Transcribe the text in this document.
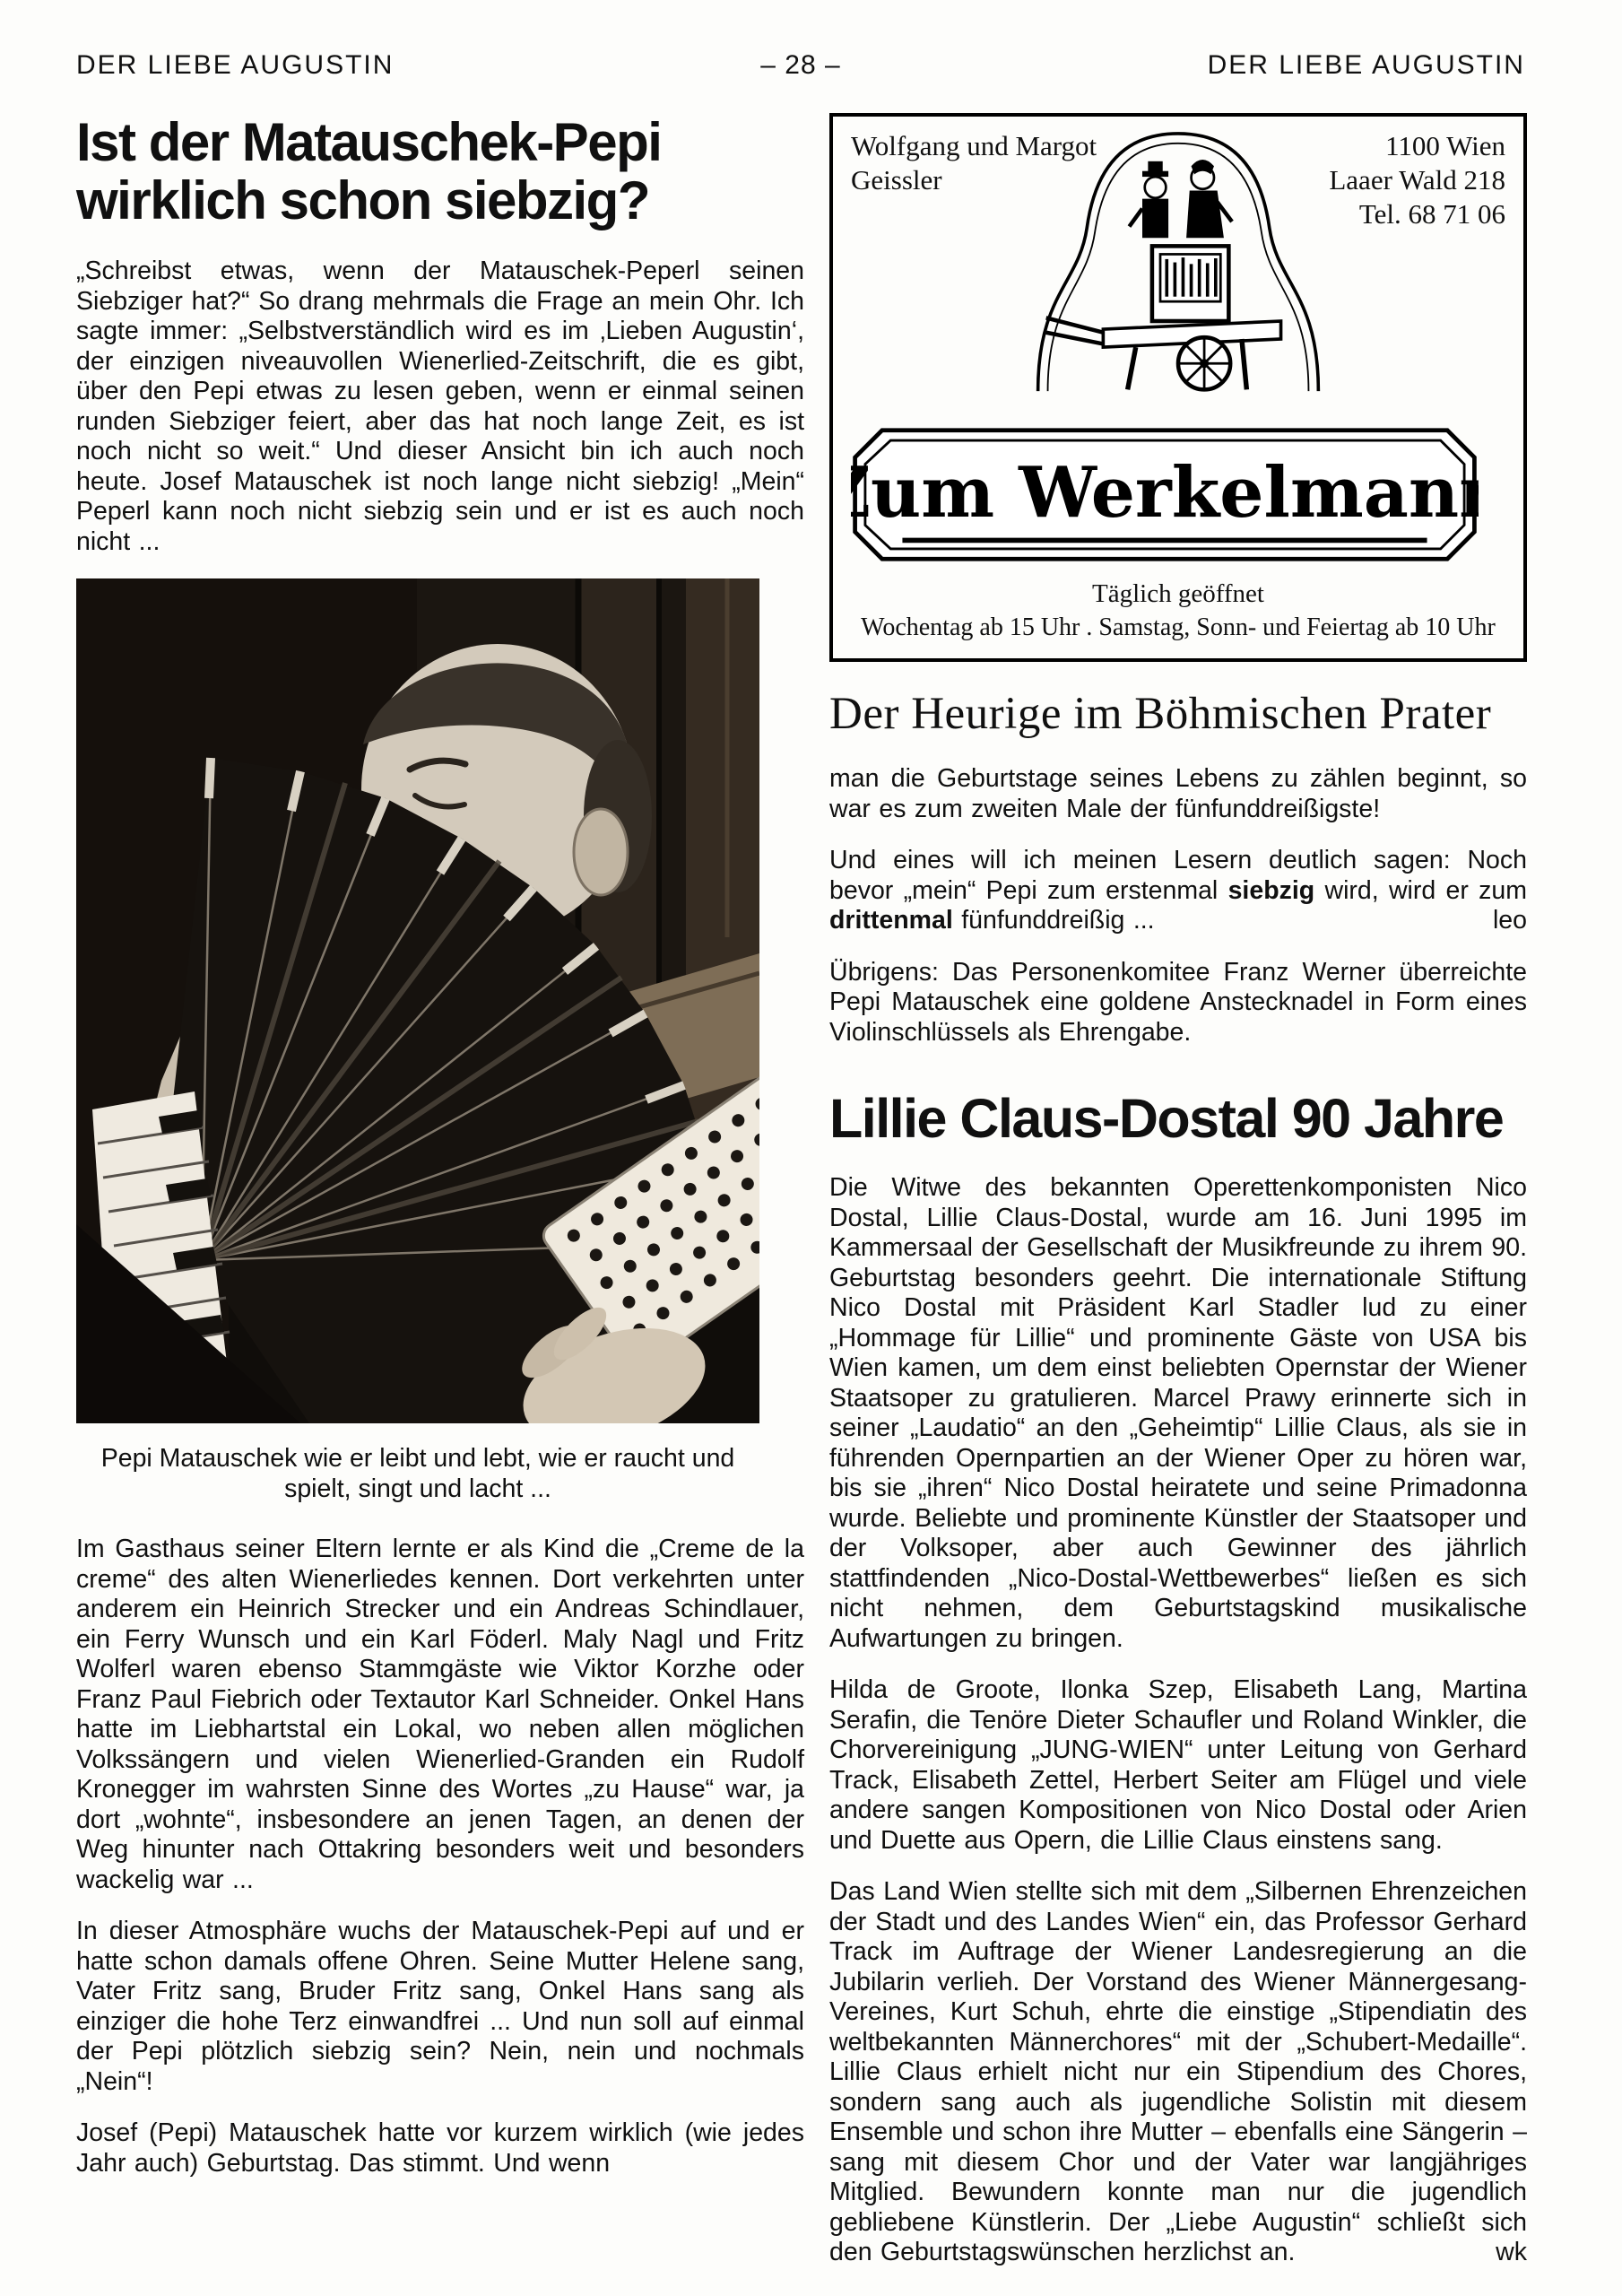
DER LIEBE AUGUSTIN	– 28 –	DER LIEBE AUGUSTIN
Ist der Matauschek-Pepi
wirklich schon siebzig?

„Schreibst etwas, wenn der Matauschek-Peperl seinen Siebziger hat?“ So drang mehrmals die Frage an mein Ohr. Ich sagte immer: „Selbstverständlich wird es im ‚Lieben Augustin‘, der einzigen niveauvollen Wienerlied-Zeitschrift, die es gibt, über den Pepi etwas zu lesen geben, wenn er einmal seinen runden Siebziger feiert, aber das hat noch lange Zeit, es ist noch nicht so weit.“ Und dieser Ansicht bin ich auch noch heute. Josef Matauschek ist noch lange nicht siebzig! „Mein“ Peperl kann noch nicht siebzig sein und er ist es auch noch nicht ...

Pepi Matauschek wie er leibt und lebt, wie er raucht und
spielt, singt und lacht ...

Im Gasthaus seiner Eltern lernte er als Kind die „Creme de la creme“ des alten Wienerliedes kennen. Dort verkehrten unter anderem ein Heinrich Strecker und ein Andreas Schindlauer, ein Ferry Wunsch und ein Karl Föderl. Maly Nagl und Fritz Wolferl waren ebenso Stammgäste wie Viktor Korzhe oder Franz Paul Fiebrich oder Textautor Karl Schneider. Onkel Hans hatte im Liebhartstal ein Lokal, wo neben allen möglichen Volkssängern und vielen Wienerlied-Granden ein Rudolf Kronegger im wahrsten Sinne des Wortes „zu Hause“ war, ja dort „wohnte“, insbesondere an jenen Tagen, an denen der Weg hinunter nach Ottakring besonders weit und besonders wackelig war ...

In dieser Atmosphäre wuchs der Matauschek-Pepi auf und er hatte schon damals offene Ohren. Seine Mutter Helene sang, Vater Fritz sang, Bruder Fritz sang, Onkel Hans sang als einziger die hohe Terz einwandfrei ... Und nun soll auf einmal der Pepi plötzlich siebzig sein? Nein, nein und nochmals „Nein“!

Josef (Pepi) Matauschek hatte vor kurzem wirklich (wie jedes Jahr auch) Geburtstag. Das stimmt. Und wenn

Wolfgang und Margot
Geissler
1100 Wien
Laaer Wald 218
Tel. 68 71 06
Zum Werkelmann
Täglich geöffnet
Wochentag ab 15 Uhr . Samstag, Sonn- und Feiertag ab 10 Uhr
Der Heurige im Böhmischen Prater

man die Geburtstage seines Lebens zu zählen beginnt, so war es zum zweiten Male der fünfunddreißigste!

Und eines will ich meinen Lesern deutlich sagen: Noch bevor „mein“ Pepi zum erstenmal siebzig wird, wird er zum drittenmal fünfunddreißig ...	leo

Übrigens: Das Personenkomitee Franz Werner überreichte Pepi Matauschek eine goldene Anstecknadel in Form eines Violinschlüssels als Ehrengabe.

Lillie Claus-Dostal 90 Jahre

Die Witwe des bekannten Operettenkomponisten Nico Dostal, Lillie Claus-Dostal, wurde am 16. Juni 1995 im Kammersaal der Gesellschaft der Musikfreunde zu ihrem 90. Geburtstag besonders geehrt. Die internationale Stiftung Nico Dostal mit Präsident Karl Stadler lud zu einer „Hommage für Lillie“ und prominente Gäste von USA bis Wien kamen, um dem einst beliebten Opernstar der Wiener Staatsoper zu gratulieren. Marcel Prawy erinnerte sich in seiner „Laudatio“ an den „Geheimtip“ Lillie Claus, als sie in führenden Opernpartien an der Wiener Oper zu hören war, bis sie „ihren“ Nico Dostal heiratete und seine Primadonna wurde. Beliebte und prominente Künstler der Staatsoper und der Volksoper, aber auch Gewinner des jährlich stattfindenden „Nico-Dostal-Wettbewerbes“ ließen es sich nicht nehmen, dem Geburtstagskind musikalische Aufwartungen zu bringen.

Hilda de Groote, Ilonka Szep, Elisabeth Lang, Martina Serafin, die Tenöre Dieter Schaufler und Roland Winkler, die Chorvereinigung „JUNG-WIEN“ unter Leitung von Gerhard Track, Elisabeth Zettel, Herbert Seiter am Flügel und viele andere sangen Kompositionen von Nico Dostal oder Arien und Duette aus Opern, die Lillie Claus einstens sang.

Das Land Wien stellte sich mit dem „Silbernen Ehrenzeichen der Stadt und des Landes Wien“ ein, das Professor Gerhard Track im Auftrage der Wiener Landesregierung an die Jubilarin verlieh. Der Vorstand des Wiener Männergesang-Vereines, Kurt Schuh, ehrte die einstige „Stipendiatin des weltbekannten Männerchores“ mit der „Schubert-Medaille“. Lillie Claus erhielt nicht nur ein Stipendium des Chores, sondern sang auch als jugendliche Solistin mit diesem Ensemble und schon ihre Mutter – ebenfalls eine Sängerin – sang mit diesem Chor und der Vater war langjähriges Mitglied. Bewundern konnte man nur die jugendlich gebliebene Künstlerin. Der „Liebe Augustin“ schließt sich den Geburtstagswünschen herzlichst an.	wk
